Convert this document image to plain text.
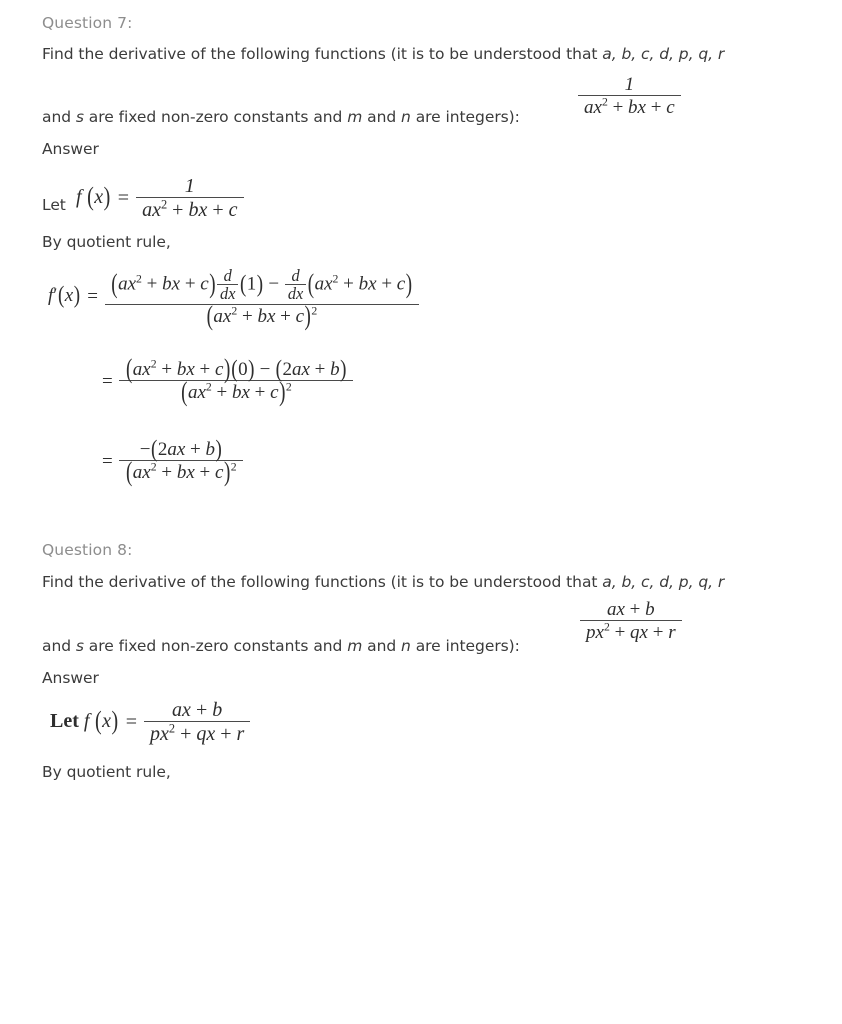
Question 7:
Find the derivative of the following functions (it is to be understood that a, b, c, d, p, q, r
and s are fixed non-zero constants and m and n are integers):	$\frac{1}{ax^2 + bx + c}$
Answer
Let f $(x) = \frac{1}{ax^2 + bx + c}$
By quotient rule,
$f'(x) = \frac{(ax^2 + bx + c) \frac{d}{dx} (1) - \frac{d}{dx} (ax^2 + bx + c)}{(ax^2 + bx + c)^2}$
= $\frac{(ax^2 + bx + c)(0) - (2ax + b)}{(ax^2 + bx + c)^2}$
= $\frac{-(2ax + b)}{(ax^2 + bx + c)^2}$
Question 8:
Find the derivative of the following functions (it is to be understood that a, b, c, d, p, q, r
and s are fixed non-zero constants and m and n are integers):
$\frac{ax + b}{px^2 + qx + r}$
Answer
Let f $(x) = \frac{ax + b}{px^2 + qx + r}$
By quotient rule,
